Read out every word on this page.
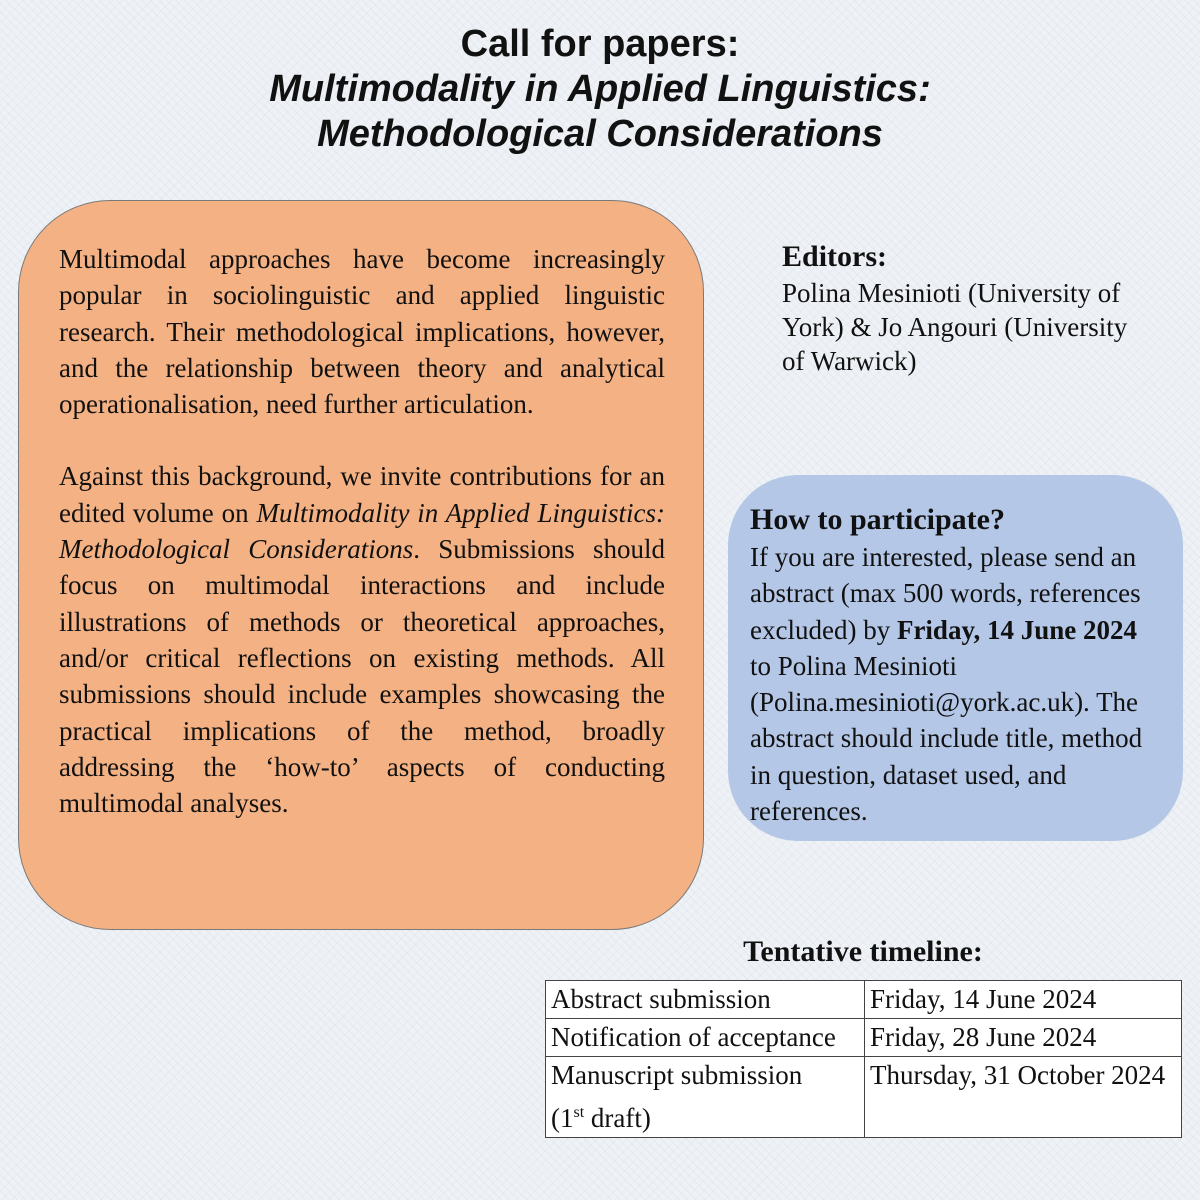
Call for papers:
Multimodality in Applied Linguistics:
Methodological Considerations

Multimodal approaches have become increasingly popular in sociolinguistic and applied linguistic research. Their methodological implications, however, and the relationship between theory and analytical operationalisation, need further articulation.

Against this background, we invite contributions for an edited volume on Multimodality in Applied Linguistics: Methodological Considerations. Submissions should focus on multimodal interactions and include illustrations of methods or theoretical approaches, and/or critical reflections on existing methods. All submissions should include examples showcasing the practical implications of the method, broadly addressing the ‘how-to’ aspects of conducting multimodal analyses.

Editors:
Polina Mesinioti (University of York) & Jo Angouri (University of Warwick)
How to participate?
If you are interested, please send an abstract (max 500 words, references excluded) by Friday, 14 June 2024 to Polina Mesinioti (Polina.mesinioti@york.ac.uk). The abstract should include title, method in question, dataset used, and references.
Tentative timeline:
Abstract submission	Friday, 14 June 2024
Notification of acceptance	Friday, 28 June 2024
Manuscript submission
(1st draft)	Thursday, 31 October 2024
